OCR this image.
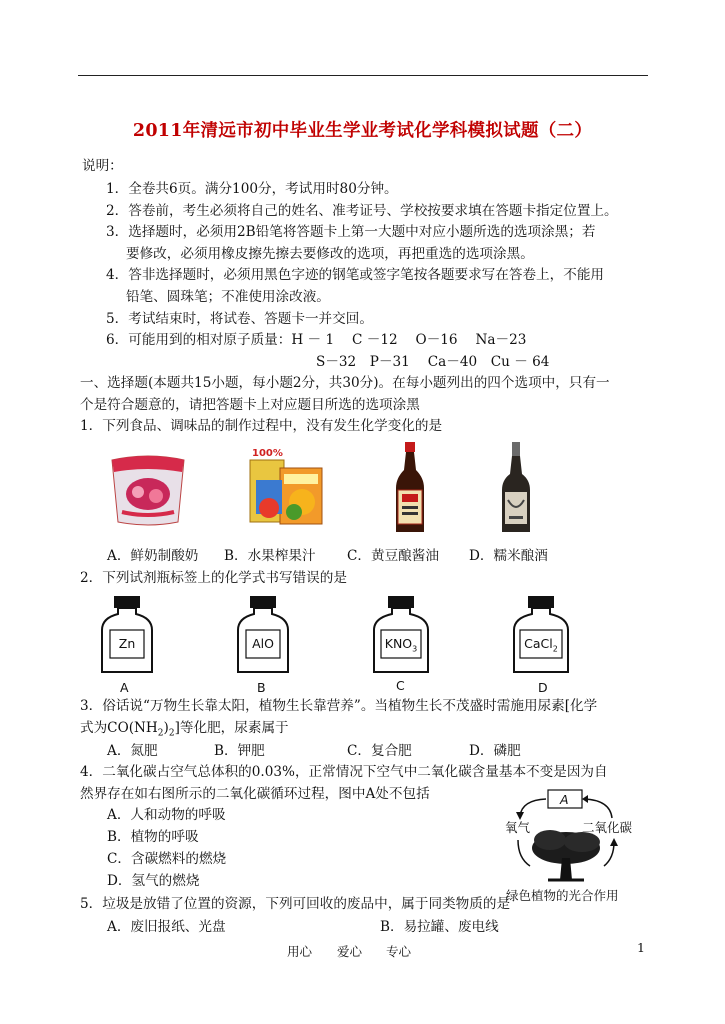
2011年清远市初中毕业生学业考试化学科模拟试题（二）
说明：
1．全卷共6页。满分100分，考试用时80分钟。
2．答卷前，考生必须将自己的姓名、准考证号、学校按要求填在答题卡指定位置上。
3．选择题时，必须用2B铅笔将答题卡上第一大题中对应小题所选的选项涂黑；若
要修改，必须用橡皮擦先擦去要修改的选项，再把重选的选项涂黑。
4．答非选择题时，必须用黑色字迹的钢笔或签字笔按各题要求写在答卷上，不能用
铅笔、圆珠笔；不准使用涂改液。
5．考试结束时，将试卷、答题卡一并交回。
6．可能用到的相对原子质量：H － 1　 C －12　 O－16　 Na－23
S－32　P－31　 Ca－40　Cu － 64
一、选择题(本题共15小题，每小题2分，共30分)。在每小题列出的四个选项中，只有一
个是符合题意的，请把答题卡上对应题目所选的选项涂黑
1．下列食品、调味品的制作过程中，没有发生化学变化的是
100%
A．鲜奶制酸奶 B．水果榨果汁 C．黄豆酿酱油 D．糯米酿酒
2．下列试剂瓶标签上的化学式书写错误的是
Zn	AlO	$KNO_3$	CaCl$_2$
A	B	C	D
3．俗话说“万物生长靠太阳，植物生长靠营养”。当植物生长不茂盛时需施用尿素[化学
式为$CO(NH_2)_2$]等化肥，尿素属于
A．氮肥	B．钾肥	C．复合肥	D．磷肥
4．二氧化碳占空气总体积的0.03%，正常情况下空气中二氧化碳含量基本不变是因为自
然界存在如右图所示的二氧化碳循环过程，图中A处不包括
A．人和动物的呼吸
B．植物的呼吸
C．含碳燃料的燃烧
D．氢气的燃烧
A
氧气	二氧化碳
绿色植物的光合作用
5．垃圾是放错了位置的资源，下列可回收的废品中，属于同类物质的是
A．废旧报纸、光盘	B．易拉罐、废电线
用心 爱心 专心	1
